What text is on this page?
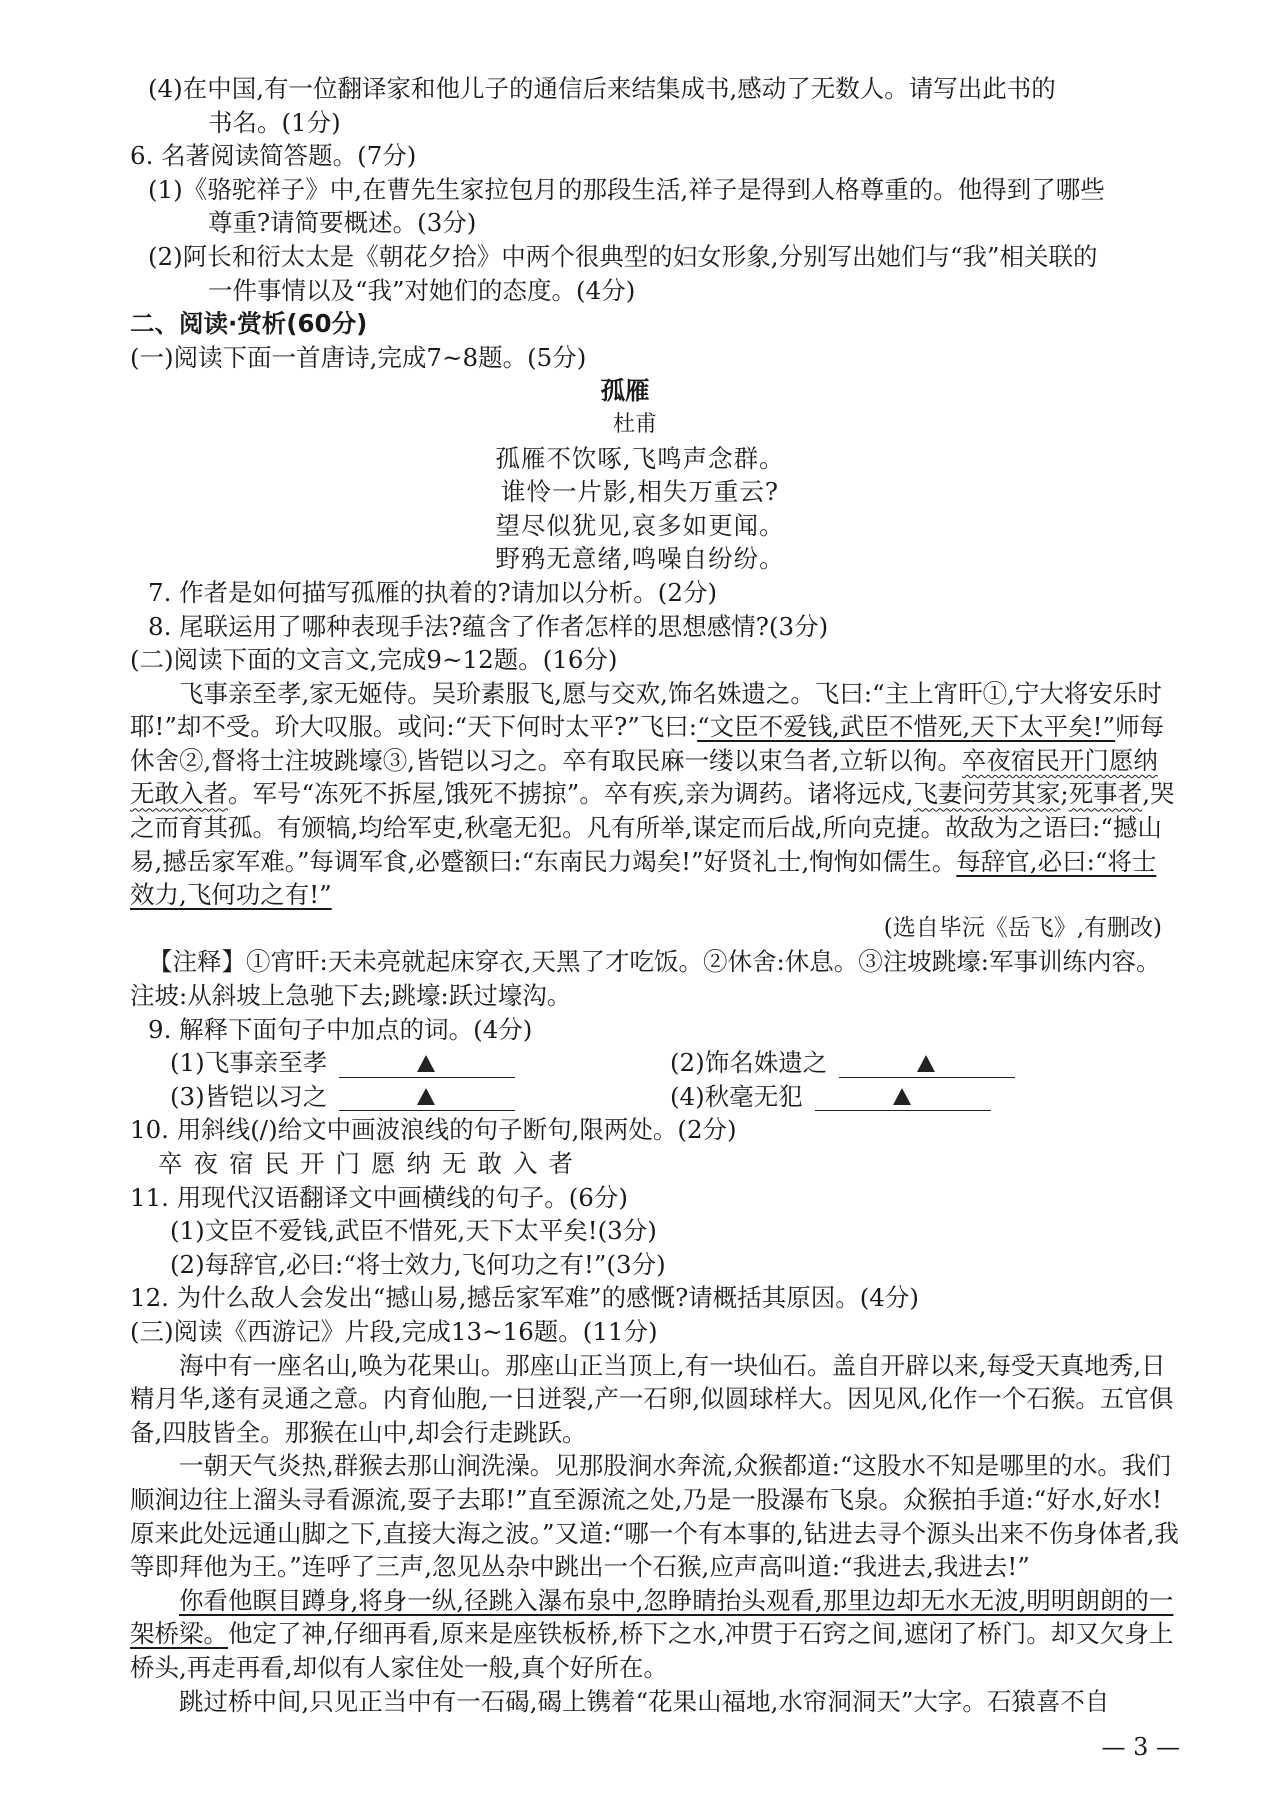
(4)在中国,有一位翻译家和他儿子的通信后来结集成书,感动了无数人。请写出此书的
书名。(1分)
6. 名著阅读简答题。(7分)
(1)《骆驼祥子》中,在曹先生家拉包月的那段生活,祥子是得到人格尊重的。他得到了哪些
尊重?请简要概述。(3分)
(2)阿长和衍太太是《朝花夕拾》中两个很典型的妇女形象,分别写出她们与“我”相关联的
一件事情以及“我”对她们的态度。(4分)
二、阅读·赏析(60分)
(一)阅读下面一首唐诗,完成7~8题。(5分)
孤雁
杜甫
孤雁不饮啄,飞鸣声念群。
谁怜一片影,相失万重云?
望尽似犹见,哀多如更闻。
野鸦无意绪,鸣噪自纷纷。
7. 作者是如何描写孤雁的执着的?请加以分析。(2分)
8. 尾联运用了哪种表现手法?蕴含了作者怎样的思想感情?(3分)
(二)阅读下面的文言文,完成9~12题。(16分)
飞事亲至孝,家无姬侍。吴玠素服飞,愿与交欢,饰名姝遗之。飞曰:“主上宵旰①,宁大将安乐时耶!”却不受。玠大叹服。或问:“天下何时太平?”飞曰:“文臣不爱钱,武臣不惜死,天下太平矣!”师每休舍②,督将士注坡跳壕③,皆铠以习之。卒有取民麻一缕以束刍者,立斩以徇。卒夜宿民开门愿纳无敢入者。军号“冻死不拆屋,饿死不掳掠”。卒有疾,亲为调药。诸将远戍,飞妻问劳其家;死事者,哭之而育其孤。有颁犒,均给军吏,秋毫无犯。凡有所举,谋定而后战,所向克捷。故敌为之语曰:“撼山易,撼岳家军难。”每调军食,必蹙额曰:“东南民力竭矣!”好贤礼士,恂恂如儒生。每辞官,必曰:“将士效力,飞何功之有!”
(选自毕沅《岳飞》,有删改)
【注释】①宵旰:天未亮就起床穿衣,天黑了才吃饭。②休舍:休息。③注坡跳壕:军事训练内容。注坡:从斜坡上急驰下去;跳壕:跃过壕沟。
9. 解释下面句子中加点的词。(4分)
(1)飞事亲至孝	(2)饰名姝遗之
(3)皆铠以习之	(4)秋毫无犯
10. 用斜线(/)给文中画波浪线的句子断句,限两处。(2分)
卒夜宿民开门愿纳无敢入者
11. 用现代汉语翻译文中画横线的句子。(6分)
(1)文臣不爱钱,武臣不惜死,天下太平矣!(3分)
(2)每辞官,必曰:“将士效力,飞何功之有!”(3分)
12. 为什么敌人会发出“撼山易,撼岳家军难”的感慨?请概括其原因。(4分)
(三)阅读《西游记》片段,完成13~16题。(11分)
海中有一座名山,唤为花果山。那座山正当顶上,有一块仙石。盖自开辟以来,每受天真地秀,日精月华,遂有灵通之意。内育仙胞,一日迸裂,产一石卵,似圆球样大。因见风,化作一个石猴。五官俱备,四肢皆全。那猴在山中,却会行走跳跃。
一朝天气炎热,群猴去那山涧洗澡。见那股涧水奔流,众猴都道:“这股水不知是哪里的水。我们顺涧边往上溜头寻看源流,耍子去耶!”直至源流之处,乃是一股瀑布飞泉。众猴拍手道:“好水,好水!原来此处远通山脚之下,直接大海之波。”又道:“哪一个有本事的,钻进去寻个源头出来不伤身体者,我等即拜他为王。”连呼了三声,忽见丛杂中跳出一个石猴,应声高叫道:“我进去,我进去!”
你看他瞑目蹲身,将身一纵,径跳入瀑布泉中,忽睁睛抬头观看,那里边却无水无波,明明朗朗的一架桥梁。他定了神,仔细再看,原来是座铁板桥,桥下之水,冲贯于石窍之间,遮闭了桥门。却又欠身上桥头,再走再看,却似有人家住处一般,真个好所在。
跳过桥中间,只见正当中有一石碣,碣上镌着“花果山福地,水帘洞洞天”大字。石猿喜不自
— 3 —
